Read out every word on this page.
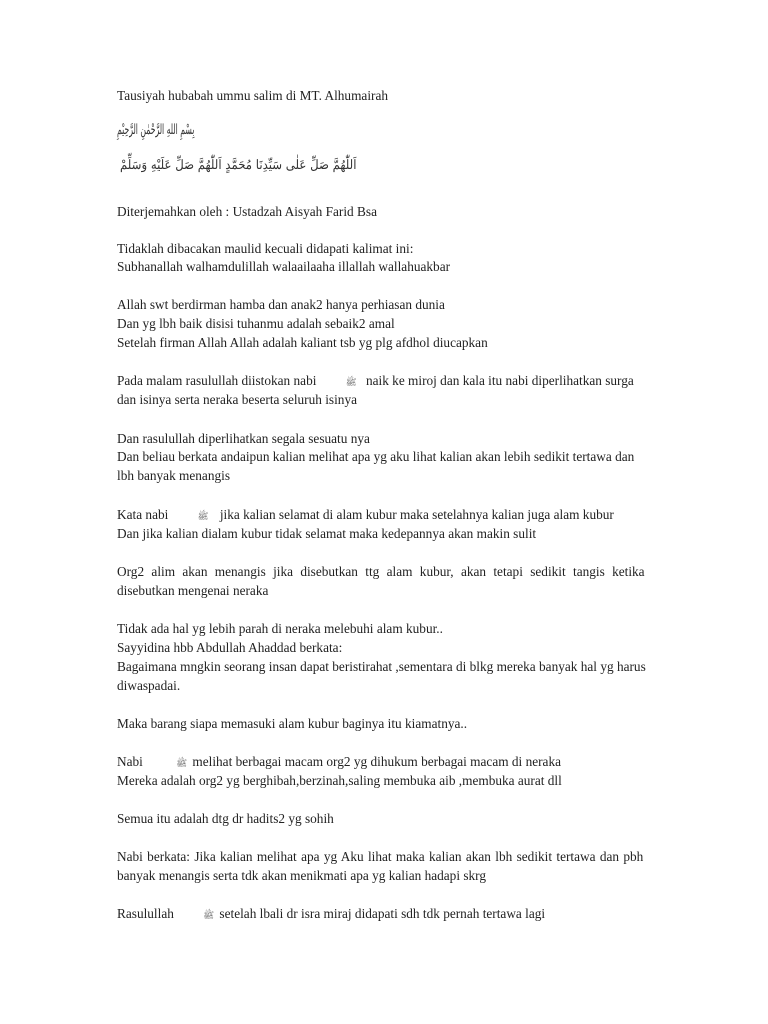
Tausiyah hubabah ummu salim di MT. Alhumairah
بِسْمِ اللهِ الرَّحْمٰنِ الرَّحِيْمِ
اَللّٰهُمَّ صَلِّ عَلٰى سَيِّدِنَا مُحَمَّدٍ اَللّٰهُمَّ صَلِّ عَلَيْهِ وَسَلِّمْ
Diterjemahkan oleh : Ustadzah Aisyah Farid Bsa
Tidaklah dibacakan maulid kecuali didapati kalimat ini:
Subhanallah walhamdulillah walaailaaha illallah wallahuakbar
Allah swt berdirman hamba dan anak2 hanya perhiasan dunia
Dan yg lbh baik disisi tuhanmu adalah sebaik2 amal
Setelah firman Allah Allah adalah kaliant tsb yg plg afdhol diucapkan
Pada malam rasulullah diistokan nabi	ﷺ naik ke miroj dan kala itu nabi diperlihatkan surga
dan isinya serta neraka beserta seluruh isinya
Dan rasulullah diperlihatkan segala sesuatu nya
Dan beliau berkata andaipun kalian melihat apa yg aku lihat kalian akan lebih sedikit tertawa dan
lbh banyak menangis
Kata nabi	ﷺ jika kalian selamat di alam kubur maka setelahnya kalian juga alam kubur
Dan jika kalian dialam kubur tidak selamat maka kedepannya akan makin sulit
Org2 alim akan menangis jika disebutkan ttg alam kubur, akan tetapi sedikit tangis ketika
disebutkan mengenai neraka
Tidak ada hal yg lebih parah di neraka melebuhi alam kubur..
Sayyidina hbb Abdullah Ahaddad berkata:
Bagaimana mngkin seorang insan dapat beristirahat ,sementara di blkg mereka banyak hal yg harus
diwaspadai.
Maka barang siapa memasuki alam kubur baginya itu kiamatnya..
Nabi	ﷺ melihat berbagai macam org2 yg dihukum berbagai macam di neraka
Mereka adalah org2 yg berghibah,berzinah,saling membuka aib ,membuka aurat dll
Semua itu adalah dtg dr hadits2 yg sohih
Nabi berkata: Jika kalian melihat apa yg Aku lihat maka kalian akan lbh sedikit tertawa dan pbh
banyak menangis serta tdk akan menikmati apa yg kalian hadapi skrg
Rasulullah	ﷺ setelah lbali dr isra miraj didapati sdh tdk pernah tertawa lagi
